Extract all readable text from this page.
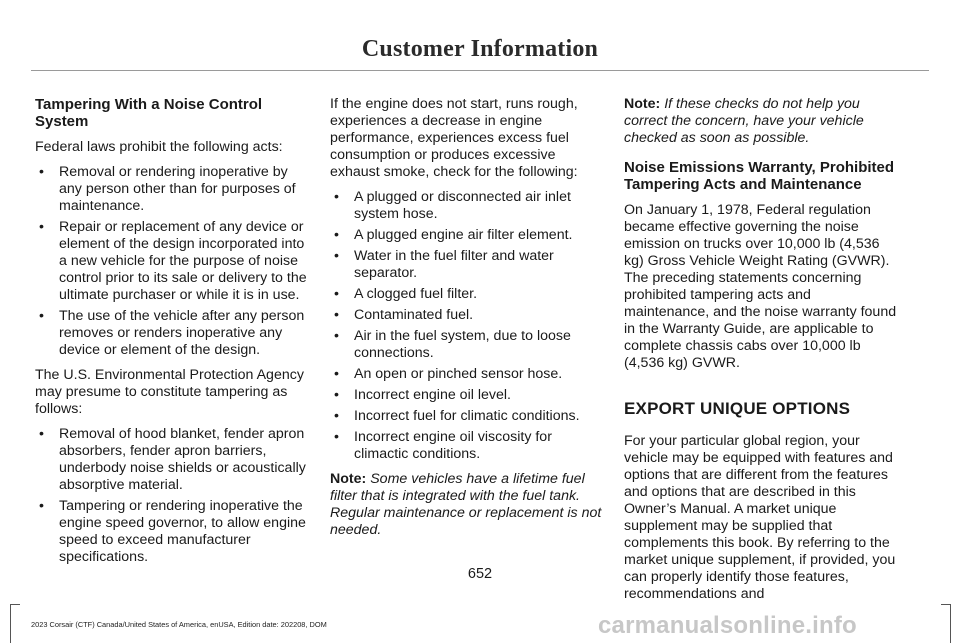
Customer Information
Tampering With a Noise Control System

Federal laws prohibit the following acts:

• Removal or rendering inoperative by any person other than for purposes of maintenance.
• Repair or replacement of any device or element of the design incorporated into a new vehicle for the purpose of noise control prior to its sale or delivery to the ultimate purchaser or while it is in use.
• The use of the vehicle after any person removes or renders inoperative any device or element of the design.

The U.S. Environmental Protection Agency may presume to constitute tampering as follows:

• Removal of hood blanket, fender apron absorbers, fender apron barriers, underbody noise shields or acoustically absorptive material.
• Tampering or rendering inoperative the engine speed governor, to allow engine speed to exceed manufacturer specifications.

If the engine does not start, runs rough, experiences a decrease in engine performance, experiences excess fuel consumption or produces excessive exhaust smoke, check for the following:

• A plugged or disconnected air inlet system hose.
• A plugged engine air filter element.
• Water in the fuel filter and water separator.
• A clogged fuel filter.
• Contaminated fuel.
• Air in the fuel system, due to loose connections.
• An open or pinched sensor hose.
• Incorrect engine oil level.
• Incorrect fuel for climatic conditions.
• Incorrect engine oil viscosity for climactic conditions.

Note: Some vehicles have a lifetime fuel filter that is integrated with the fuel tank. Regular maintenance or replacement is not needed.

Note: If these checks do not help you correct the concern, have your vehicle checked as soon as possible.

Noise Emissions Warranty, Prohibited Tampering Acts and Maintenance

On January 1, 1978, Federal regulation became effective governing the noise emission on trucks over 10,000 lb (4,536 kg) Gross Vehicle Weight Rating (GVWR). The preceding statements concerning prohibited tampering acts and maintenance, and the noise warranty found in the Warranty Guide, are applicable to complete chassis cabs over 10,000 lb (4,536 kg) GVWR.

EXPORT UNIQUE OPTIONS

For your particular global region, your vehicle may be equipped with features and options that are different from the features and options that are described in this Owner’s Manual. A market unique supplement may be supplied that complements this book. By referring to the market unique supplement, if provided, you can properly identify those features, recommendations and

652
2023 Corsair (CTF) Canada/United States of America, enUSA, Edition date: 202208, DOM	carmanualsonline.info
